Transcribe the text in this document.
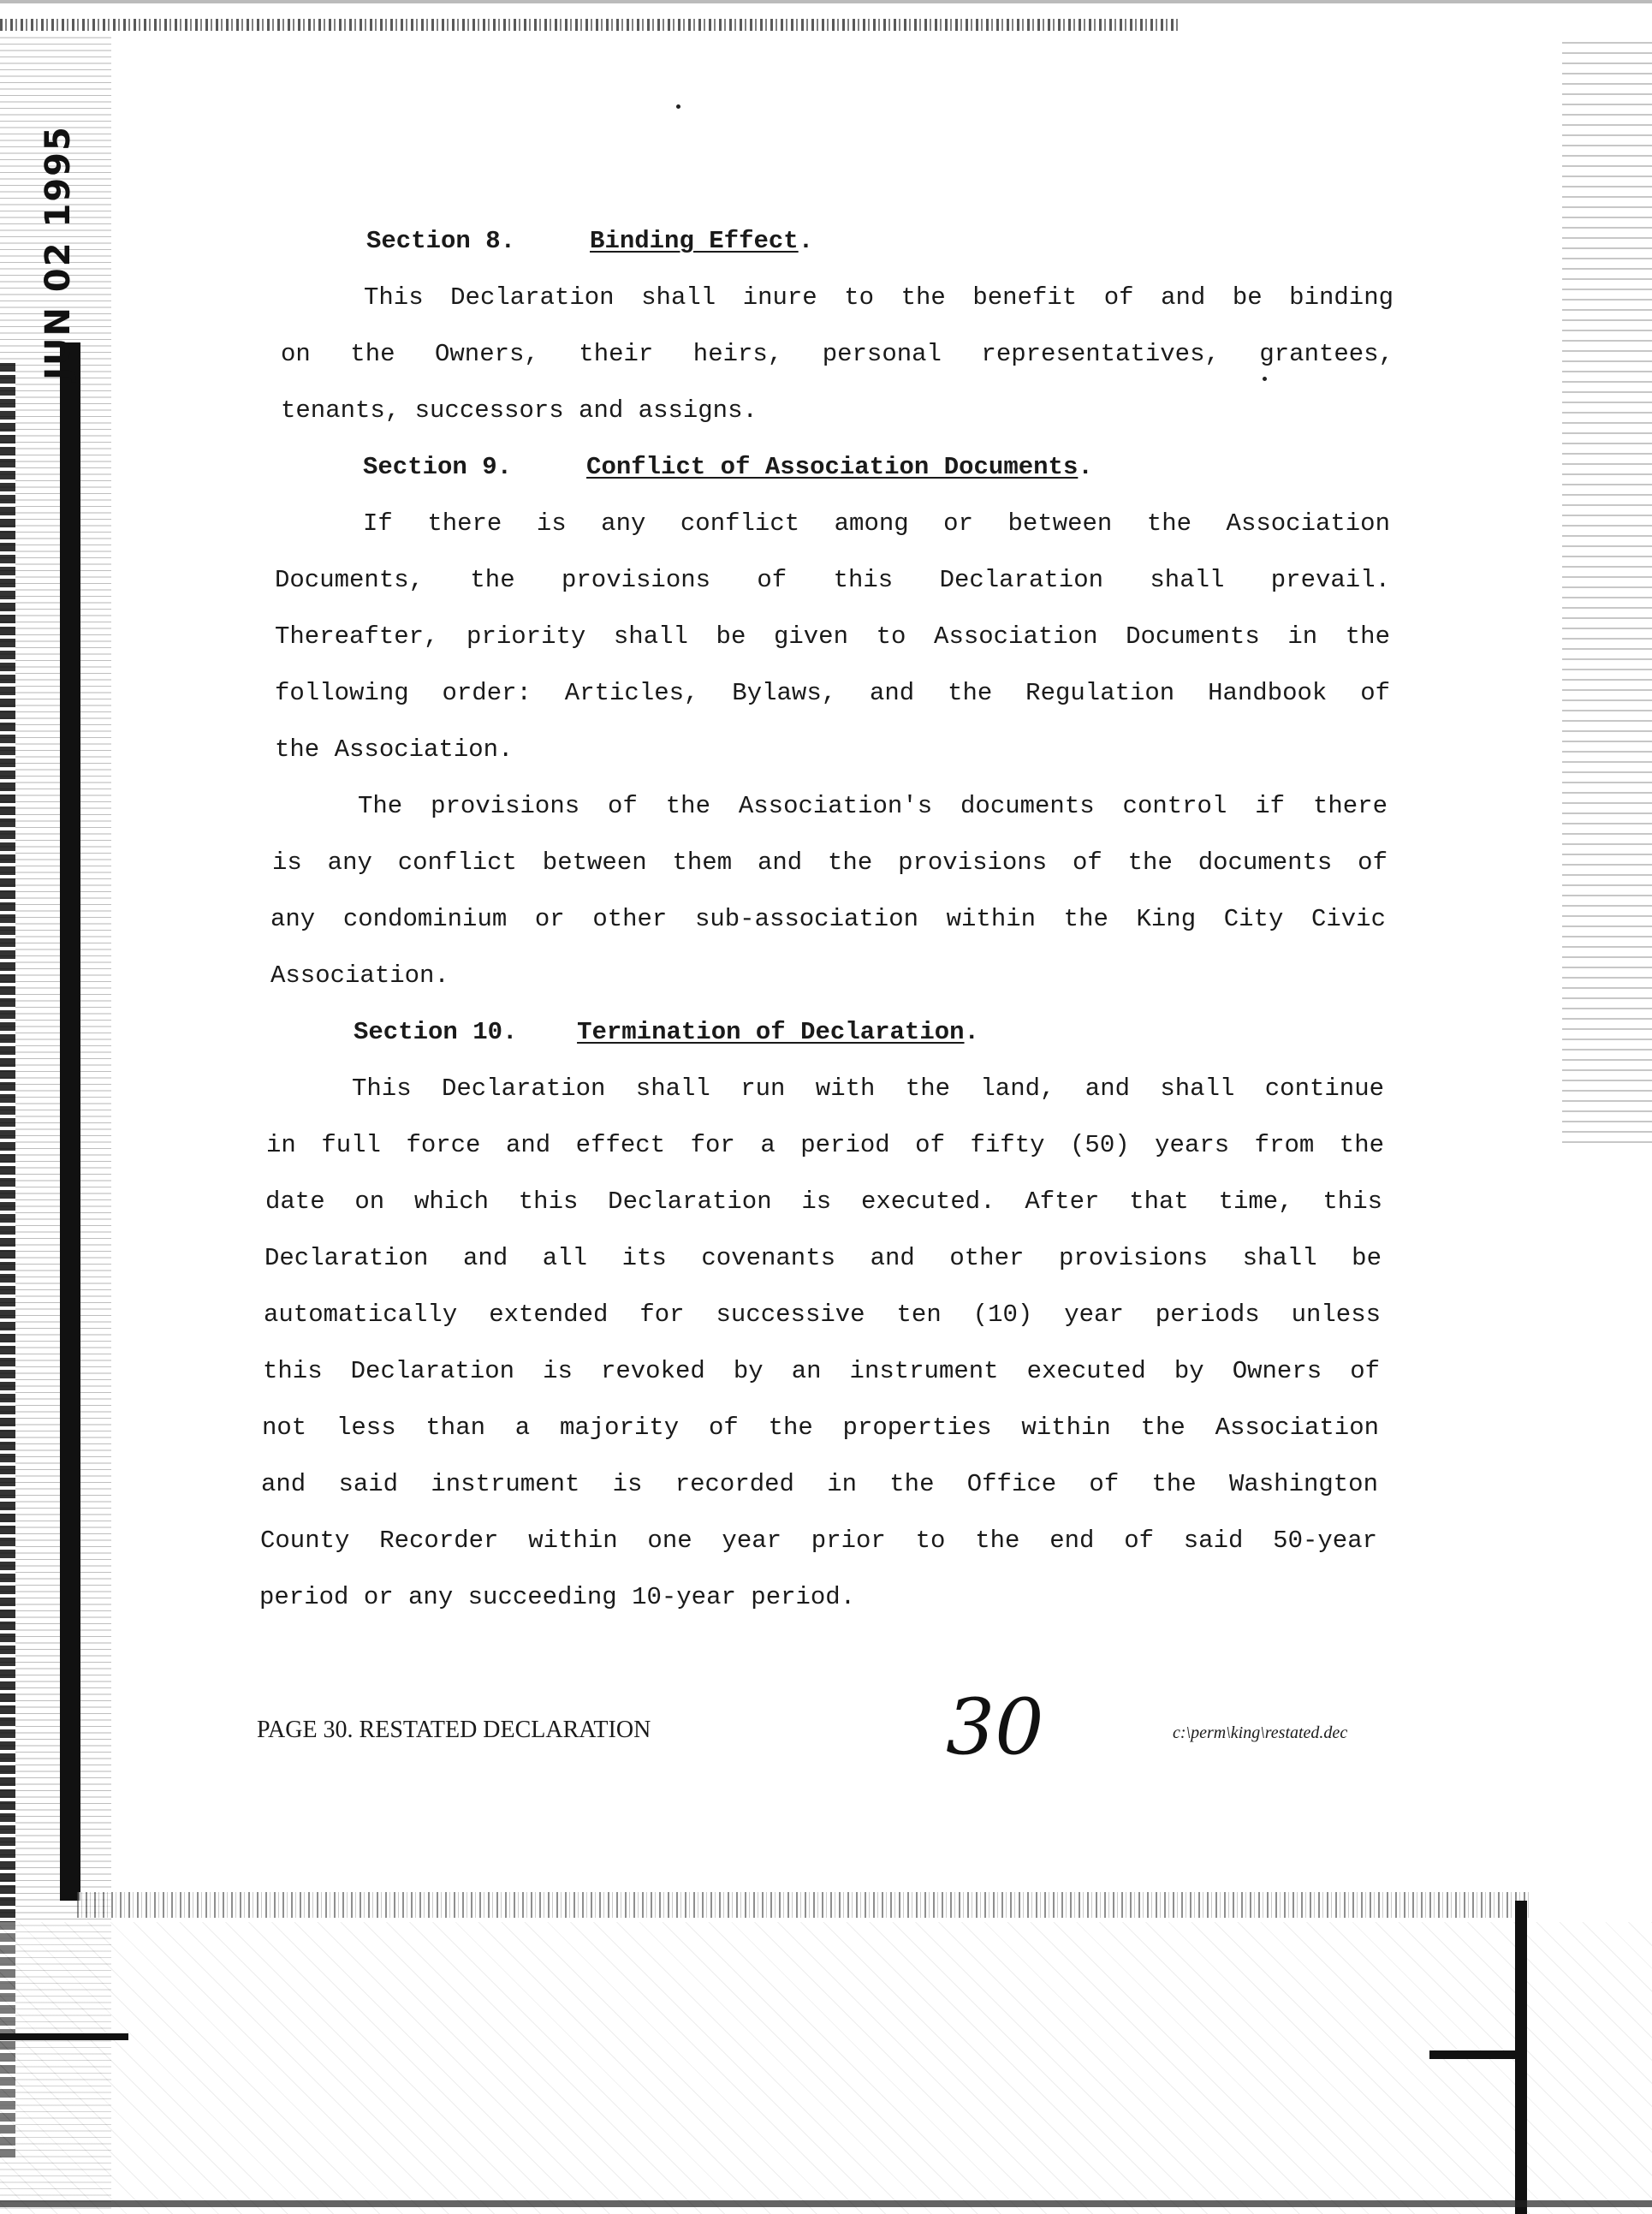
JUN 02 1995	Section 8.	Binding Effect.
This Declaration shall inure to the benefit of and be binding
on the Owners, their heirs, personal representatives, grantees,
tenants, successors and assigns.
Section 9.	Conflict of Association Documents.
If there is any conflict among or between the Association
Documents, the provisions of this Declaration shall prevail.
Thereafter, priority shall be given to Association Documents in the
following order: Articles, Bylaws, and the Regulation Handbook of
the Association.
The provisions of the Association's documents control if there
is any conflict between them and the provisions of the documents of
any condominium or other sub-association within the King City Civic
Association.
Section 10. Termination of Declaration.
This Declaration shall run with the land, and shall continue
in full force and effect for a period of fifty (50) years from the
date on which this Declaration is executed. After that time, this
Declaration and all its covenants and other provisions shall be
automatically extended for successive ten (10) year periods unless
this Declaration is revoked by an instrument executed by Owners of
not less than a majority of the properties within the Association
and said instrument is recorded in the Office of the Washington
County Recorder within one year prior to the end of said 50-year
period or any succeeding 10-year period.
PAGE 30. RESTATED DECLARATION	30	c:\perm\king\restated.dec
